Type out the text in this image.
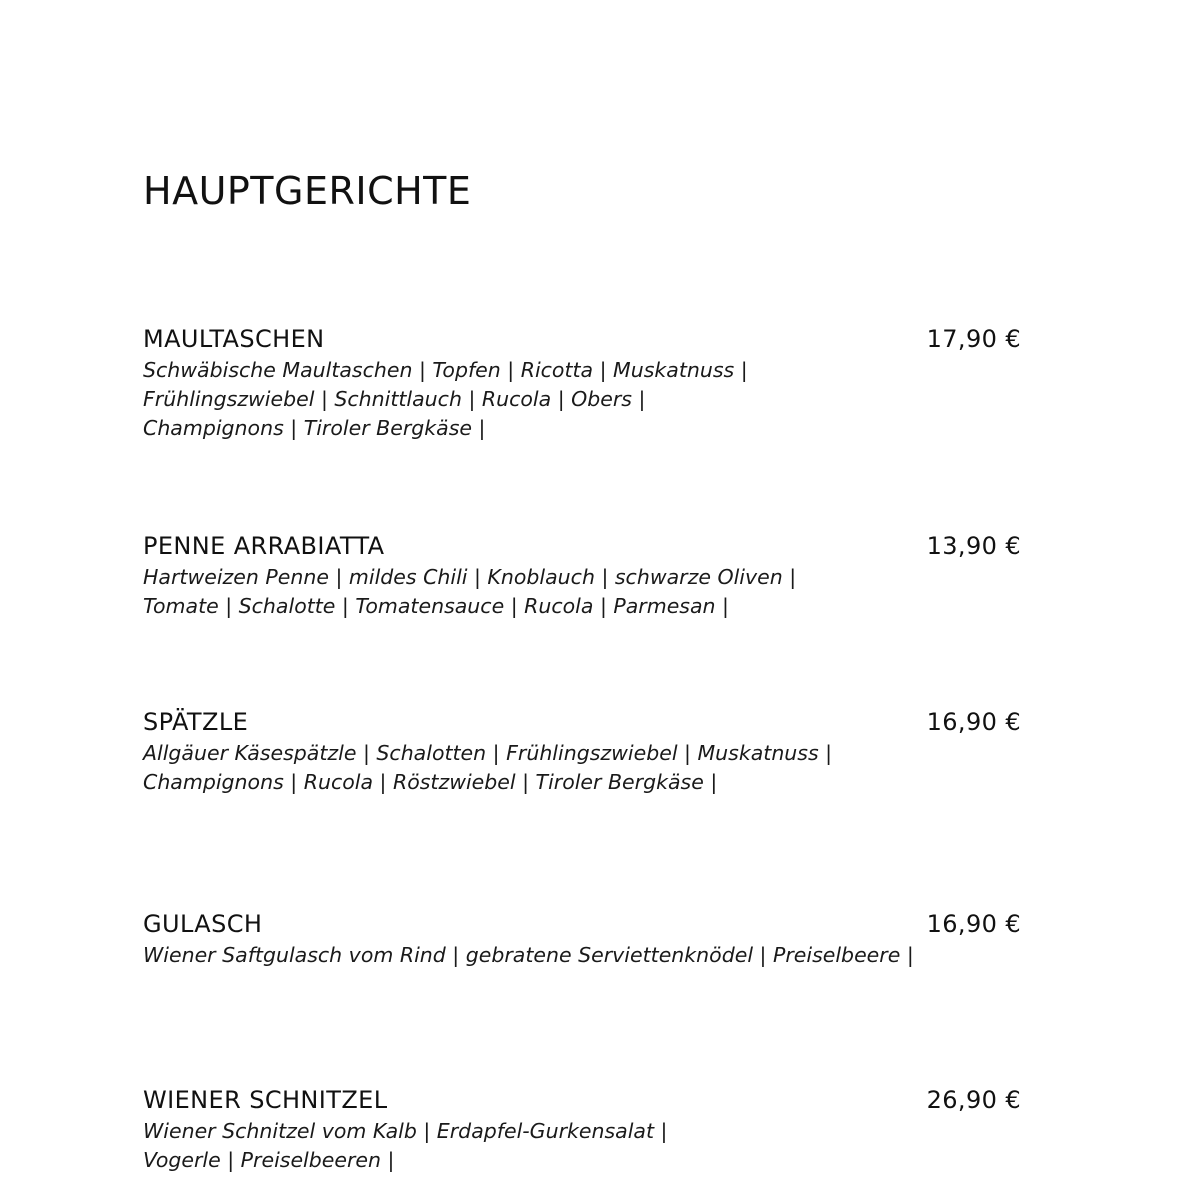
HAUPTGERICHTE
MAULTASCHEN	17,90 €
Schwäbische Maultaschen | Topfen | Ricotta | Muskatnuss |
Frühlingszwiebel | Schnittlauch | Rucola | Obers |
Champignons | Tiroler Bergkäse |
PENNE ARRABIATTA	13,90 €
Hartweizen Penne | mildes Chili | Knoblauch | schwarze Oliven |
Tomate | Schalotte | Tomatensauce | Rucola | Parmesan |
SPÄTZLE	16,90 €
Allgäuer Käsespätzle | Schalotten | Frühlingszwiebel | Muskatnuss |
Champignons | Rucola | Röstzwiebel | Tiroler Bergkäse |
GULASCH	16,90 €
Wiener Saftgulasch vom Rind | gebratene Serviettenknödel | Preiselbeere |
WIENER SCHNITZEL	26,90 €
Wiener Schnitzel vom Kalb | Erdapfel-Gurkensalat |
Vogerle | Preiselbeeren |
